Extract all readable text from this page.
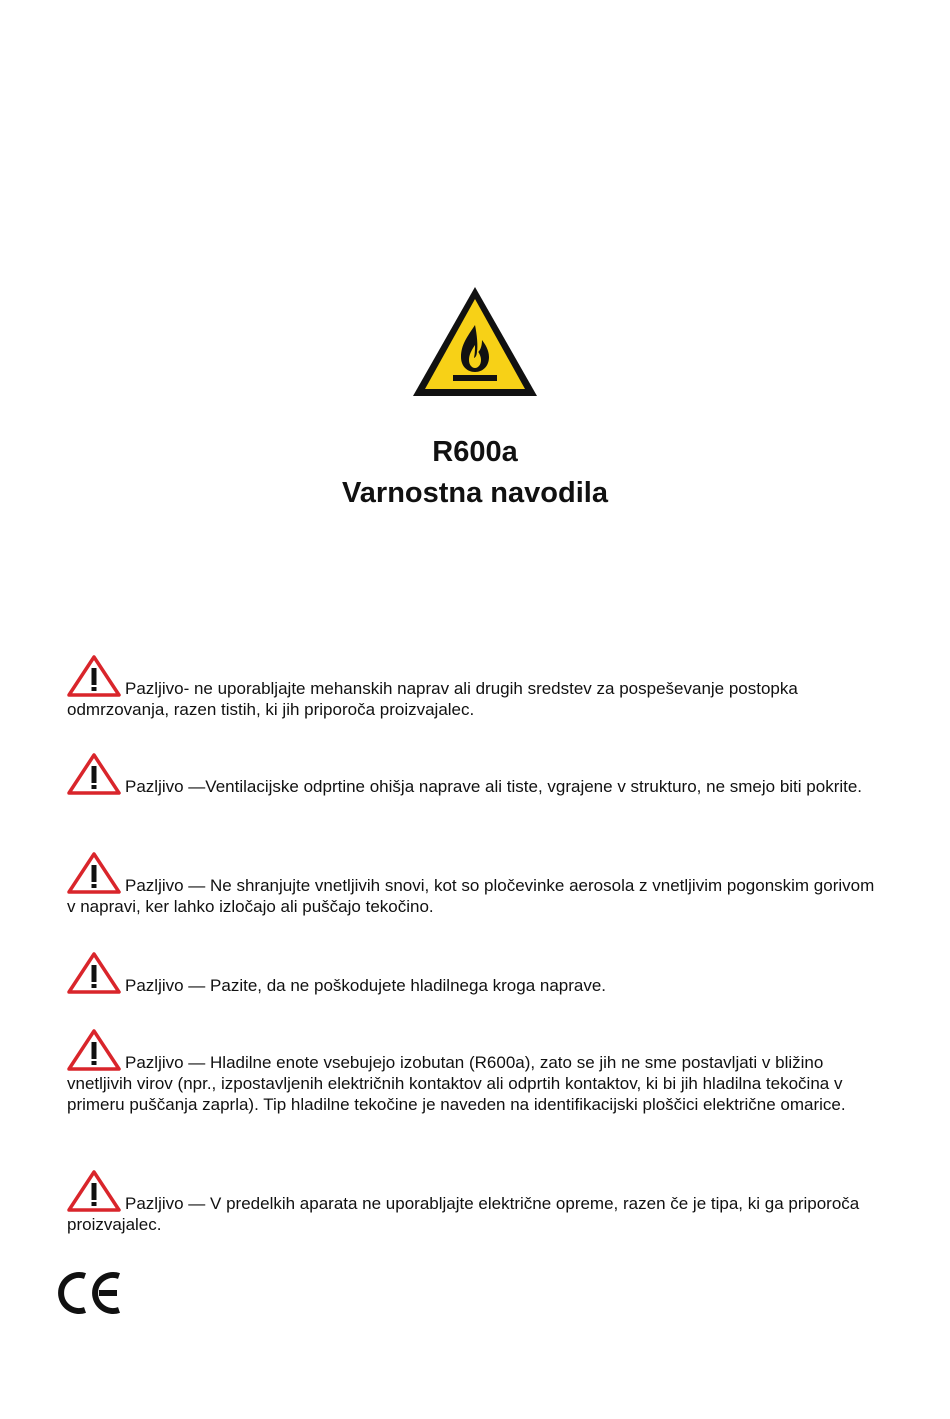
R600a
Varnostna navodila
Pazljivo- ne uporabljajte mehanskih naprav ali drugih sredstev za pospeševanje postopka odmrzovanja, razen tistih, ki jih priporoča proizvajalec.
Pazljivo —Ventilacijske odprtine ohišja naprave ali tiste, vgrajene v strukturo, ne smejo biti pokrite.
Pazljivo — Ne shranjujte vnetljivih snovi, kot so pločevinke aerosola z vnetljivim pogonskim gorivom v napravi, ker lahko izločajo ali puščajo tekočino.
Pazljivo — Pazite, da ne poškodujete hladilnega kroga naprave.
Pazljivo — Hladilne enote vsebujejo izobutan (R600a), zato se jih ne sme postavljati v bližino vnetljivih virov (npr., izpostavljenih električnih kontaktov ali odprtih kontaktov, ki bi jih hladilna tekočina v primeru puščanja zaprla). Tip hladilne tekočine je naveden na identifikacijski ploščici električne omarice.
Pazljivo — V predelkih aparata ne uporabljajte električne opreme, razen če je tipa, ki ga priporoča proizvajalec.
